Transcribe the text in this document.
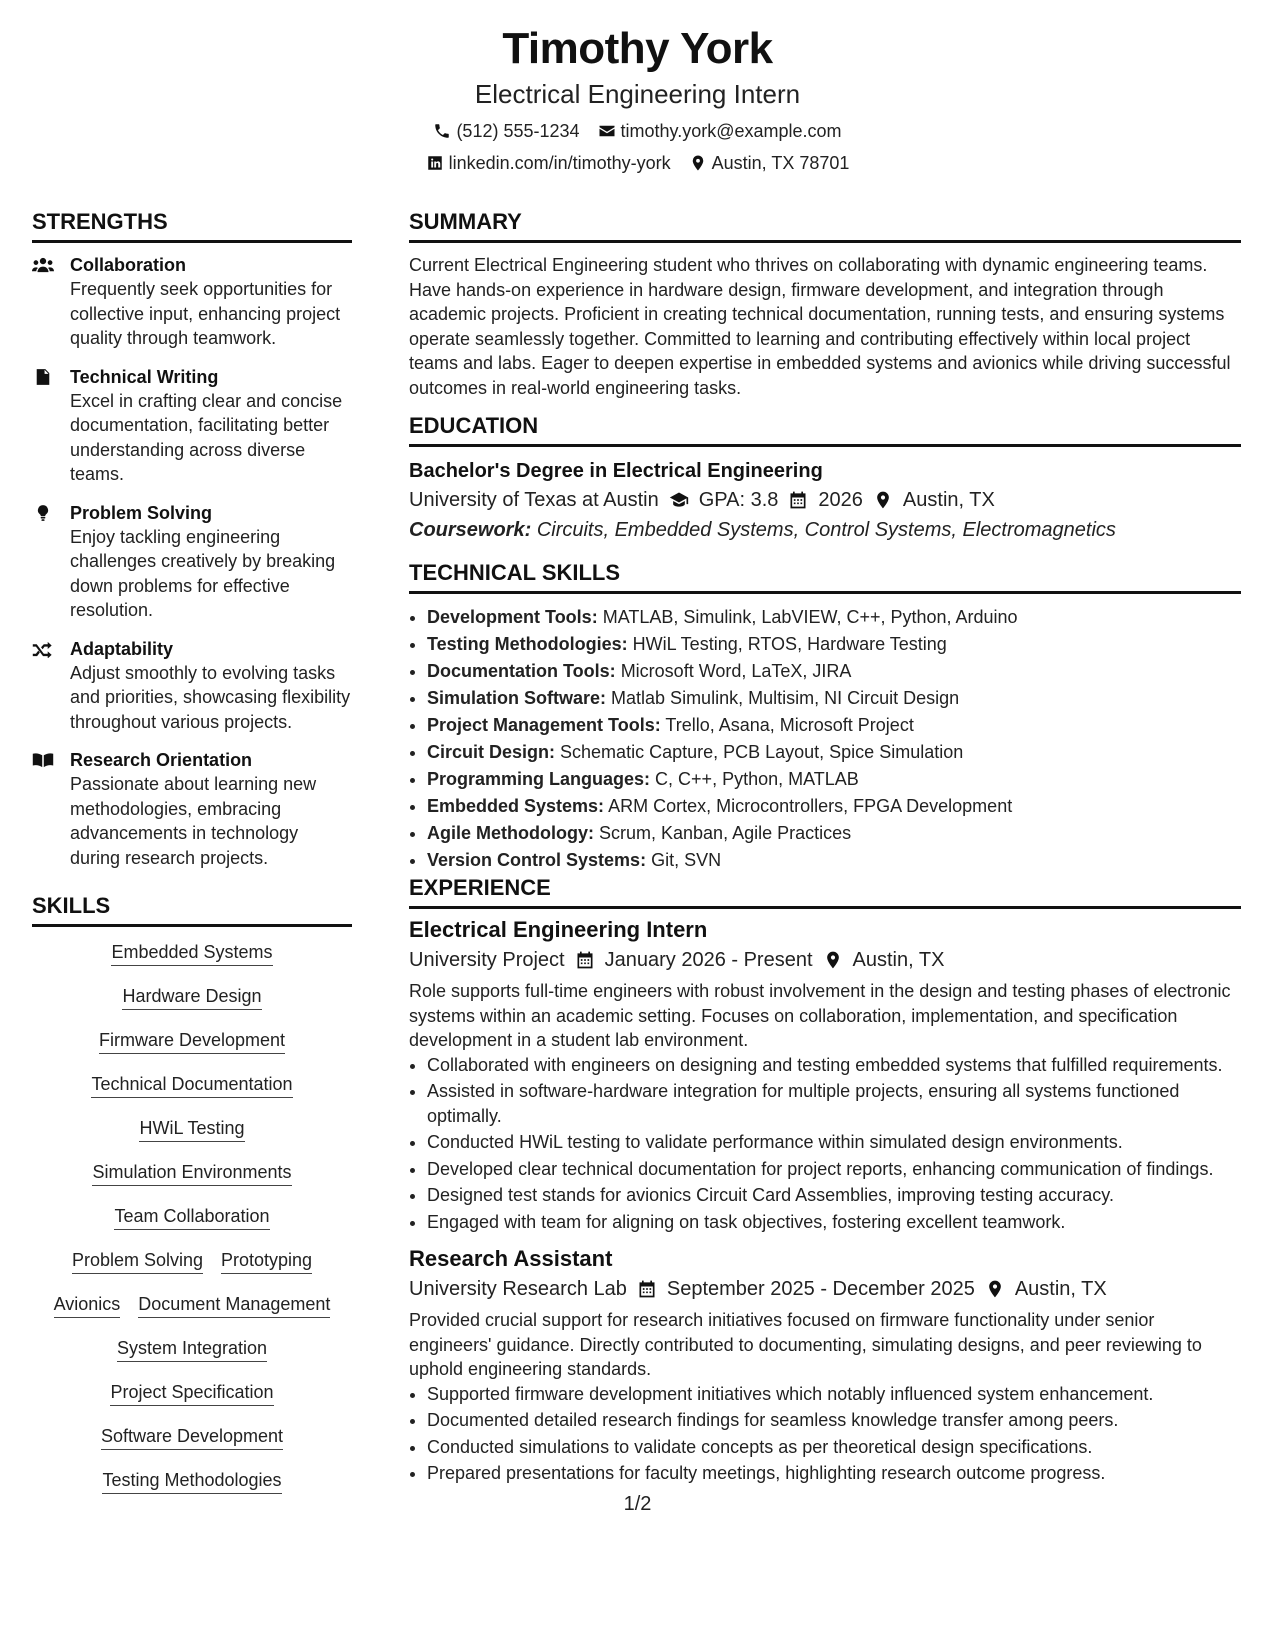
Timothy York
Electrical Engineering Intern
(512) 555-1234 timothy.york@example.com
linkedin.com/in/timothy-york Austin, TX 78701
STRENGTHS
Collaboration
Frequently seek opportunities for collective input, enhancing project quality through teamwork.
Technical Writing
Excel in crafting clear and concise documentation, facilitating better understanding across diverse teams.
Problem Solving
Enjoy tackling engineering challenges creatively by breaking down problems for effective resolution.
Adaptability
Adjust smoothly to evolving tasks and priorities, showcasing flexibility throughout various projects.
Research Orientation
Passionate about learning new methodologies, embracing advancements in technology during research projects.
SKILLS
Embedded Systems
Hardware Design
Firmware Development
Technical Documentation
HWiL Testing
Simulation Environments
Team Collaboration
Problem Solving Prototyping
Avionics Document Management
System Integration
Project Specification
Software Development
Testing Methodologies
SUMMARY
Current Electrical Engineering student who thrives on collaborating with dynamic engineering teams. Have hands-on experience in hardware design, firmware development, and integration through academic projects. Proficient in creating technical documentation, running tests, and ensuring systems operate seamlessly together. Committed to learning and contributing effectively within local project teams and labs. Eager to deepen expertise in embedded systems and avionics while driving successful outcomes in real-world engineering tasks.
EDUCATION
Bachelor's Degree in Electrical Engineering
University of Texas at Austin GPA: 3.8 2026 Austin, TX
Coursework: Circuits, Embedded Systems, Control Systems, Electromagnetics
TECHNICAL SKILLS
• Development Tools: MATLAB, Simulink, LabVIEW, C++, Python, Arduino
• Testing Methodologies: HWiL Testing, RTOS, Hardware Testing
• Documentation Tools: Microsoft Word, LaTeX, JIRA
• Simulation Software: Matlab Simulink, Multisim, NI Circuit Design
• Project Management Tools: Trello, Asana, Microsoft Project
• Circuit Design: Schematic Capture, PCB Layout, Spice Simulation
• Programming Languages: C, C++, Python, MATLAB
• Embedded Systems: ARM Cortex, Microcontrollers, FPGA Development
• Agile Methodology: Scrum, Kanban, Agile Practices
• Version Control Systems: Git, SVN
EXPERIENCE
Electrical Engineering Intern
University Project January 2026 - Present Austin, TX
Role supports full-time engineers with robust involvement in the design and testing phases of electronic systems within an academic setting. Focuses on collaboration, implementation, and specification development in a student lab environment.
• Collaborated with engineers on designing and testing embedded systems that fulfilled requirements.
• Assisted in software-hardware integration for multiple projects, ensuring all systems functioned optimally.
• Conducted HWiL testing to validate performance within simulated design environments.
• Developed clear technical documentation for project reports, enhancing communication of findings.
• Designed test stands for avionics Circuit Card Assemblies, improving testing accuracy.
• Engaged with team for aligning on task objectives, fostering excellent teamwork.
Research Assistant
University Research Lab September 2025 - December 2025 Austin, TX
Provided crucial support for research initiatives focused on firmware functionality under senior engineers' guidance. Directly contributed to documenting, simulating designs, and peer reviewing to uphold engineering standards.
• Supported firmware development initiatives which notably influenced system enhancement.
• Documented detailed research findings for seamless knowledge transfer among peers.
• Conducted simulations to validate concepts as per theoretical design specifications.
• Prepared presentations for faculty meetings, highlighting research outcome progress.
1/2
